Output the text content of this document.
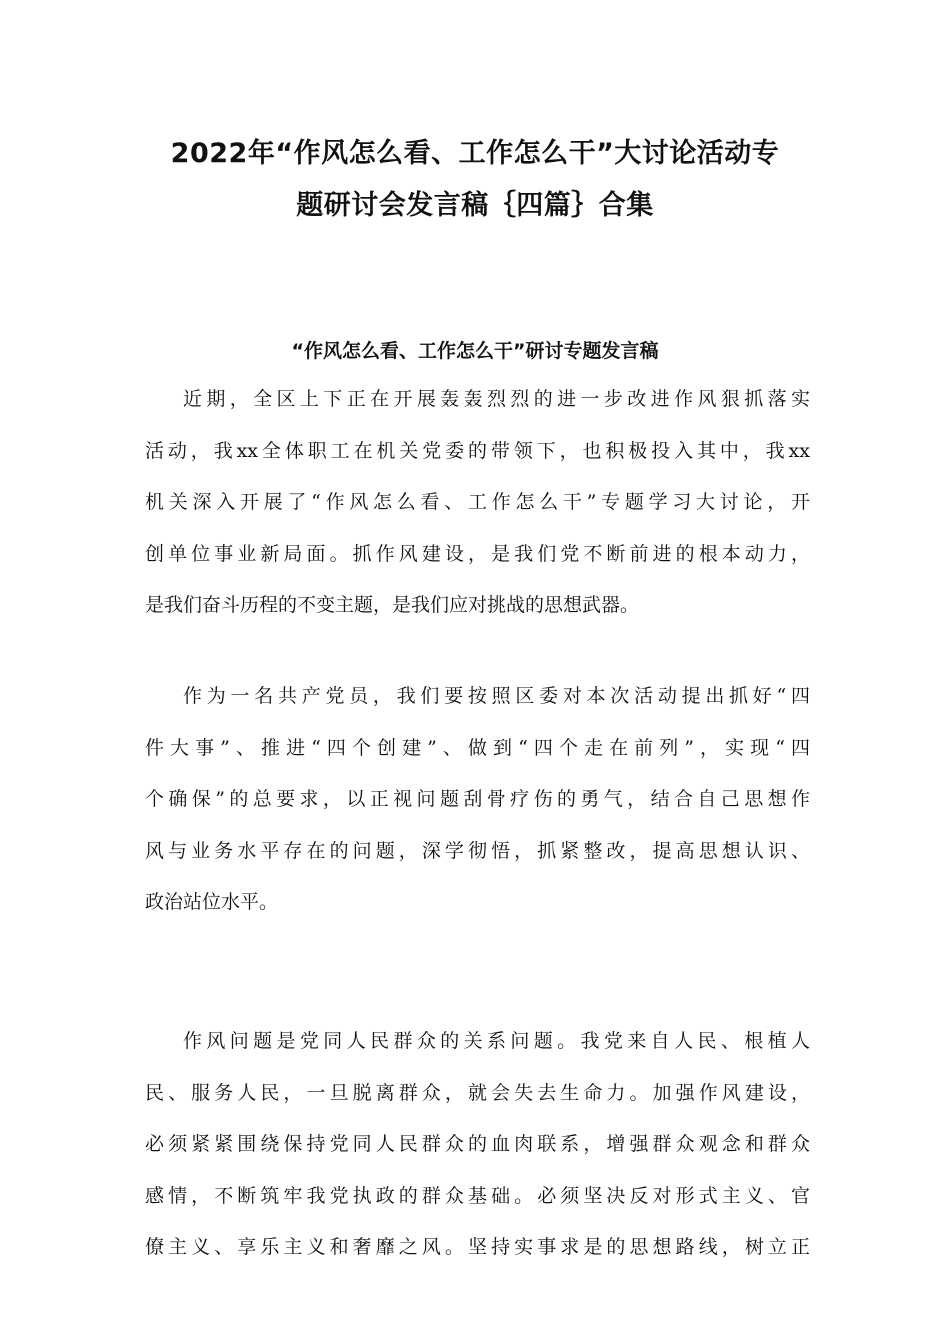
2022年“作风怎么看、工作怎么干”大讨论活动专
题研讨会发言稿｛四篇｝合集
“作风怎么看、工作怎么干”研讨专题发言稿
近期，全区上下正在开展轰轰烈烈的进一步改进作风狠抓落实
活动，我xx全体职工在机关党委的带领下，也积极投入其中，我xx
机关深入开展了“作风怎么看、工作怎么干”专题学习大讨论，开
创单位事业新局面。抓作风建设，是我们党不断前进的根本动力，
是我们奋斗历程的不变主题，是我们应对挑战的思想武器。
作为一名共产党员，我们要按照区委对本次活动提出抓好“四
件大事”、推进“四个创建”、做到“四个走在前列”，实现“四
个确保”的总要求，以正视问题刮骨疗伤的勇气，结合自己思想作
风与业务水平存在的问题，深学彻悟，抓紧整改，提高思想认识、
政治站位水平。
作风问题是党同人民群众的关系问题。我党来自人民、根植人
民、服务人民，一旦脱离群众，就会失去生命力。加强作风建设，
必须紧紧围绕保持党同人民群众的血肉联系，增强群众观念和群众
感情，不断筑牢我党执政的群众基础。必须坚决反对形式主义、官
僚主义、享乐主义和奢靡之风。坚持实事求是的思想路线，树立正
